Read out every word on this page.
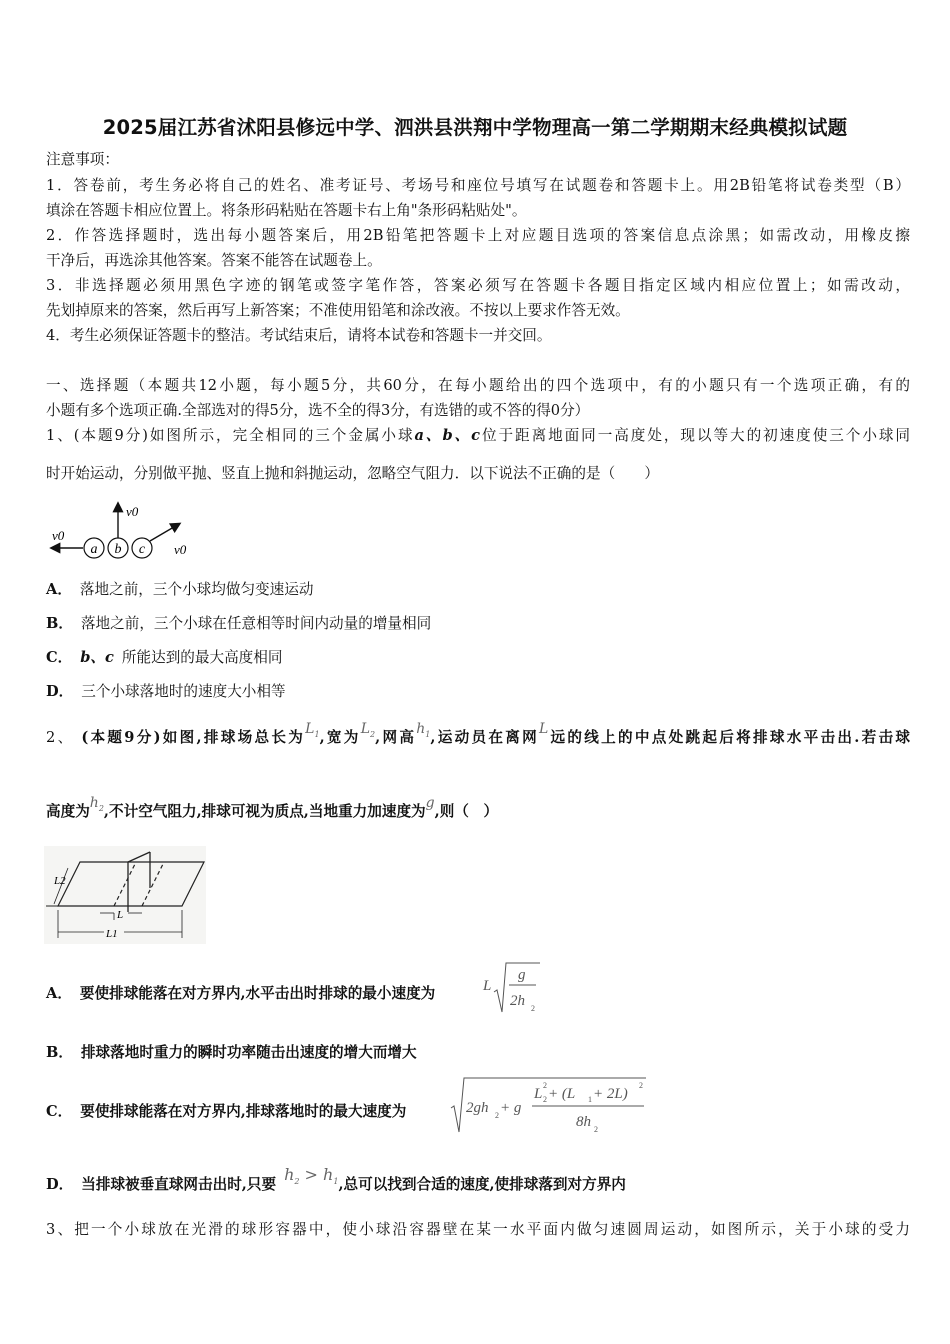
2025届江苏省沭阳县修远中学、泗洪县洪翔中学物理高一第二学期期末经典模拟试题
注意事项：
1．答卷前，考生务必将自己的姓名、准考证号、考场号和座位号填写在试题卷和答题卡上。用2B铅笔将试卷类型（B）
填涂在答题卡相应位置上。将条形码粘贴在答题卡右上角"条形码粘贴处"。
2．作答选择题时，选出每小题答案后，用2B铅笔把答题卡上对应题目选项的答案信息点涂黑；如需改动，用橡皮擦
干净后，再选涂其他答案。答案不能答在试题卷上。
3．非选择题必须用黑色字迹的钢笔或签字笔作答，答案必须写在答题卡各题目指定区域内相应位置上；如需改动，
先划掉原来的答案，然后再写上新答案；不准使用铅笔和涂改液。不按以上要求作答无效。
4．考生必须保证答题卡的整洁。考试结束后，请将本试卷和答题卡一并交回。
一、选择题（本题共12小题，每小题5分，共60分，在每小题给出的四个选项中，有的小题只有一个选项正确，有的
小题有多个选项正确.全部选对的得5分，选不全的得3分，有选错的或不答的得0分）
1、(本题9分)如图所示，完全相同的三个金属小球a、b、c位于距离地面同一高度处，现以等大的初速度使三个小球同
时开始运动，分别做平抛、竖直上抛和斜抛运动，忽略空气阻力．以下说法不正确的是（　　）
a b c
v0
v0
v0
A． 落地之前，三个小球均做匀变速运动
B． 落地之前，三个小球在任意相等时间内动量的增量相同
C． b、c 所能达到的最大高度相同
D． 三个小球落地时的速度大小相等
2、 (本题9分)如图,排球场总长为$L_1$,宽为$L_2$,网高$h_1$,运动员在离网L远的线上的中点处跳起后将排球水平击出.若击球
高度为$h_2$,不计空气阻力,排球可视为质点,当地重力加速度为g,则（　）
L2
L
L1
A． 要使排球能落在对方界内,水平击出时排球的最小速度为	L
g
2h 2
B． 排球落地时重力的瞬时功率随击出速度的增大而增大
C． 要使排球能落在对方界内,排球落地时的最大速度为	2gh 2 + g
L
2
2 + (L 1 + 2L)
2
8h 2
D． 当排球被垂直球网击出时,只要$h_2 > h_1$,总可以找到合适的速度,使排球落到对方界内
3、把一个小球放在光滑的球形容器中，使小球沿容器壁在某一水平面内做匀速圆周运动，如图所示，关于小球的受力
